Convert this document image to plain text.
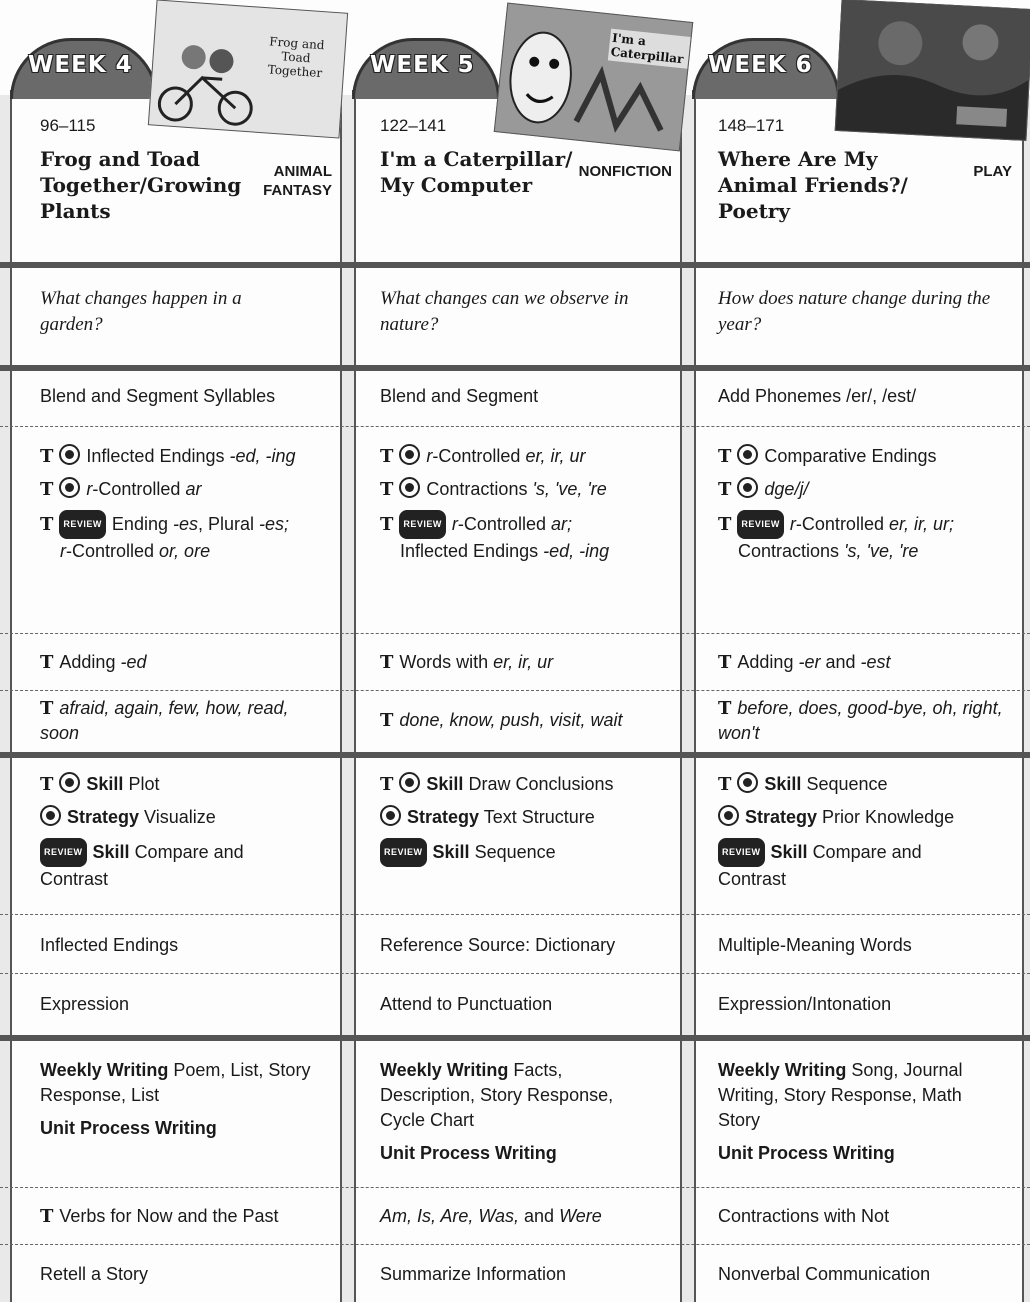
WEEK 4	WEEK 5	WEEK 6
Frog and Toad Together
I'm a Caterpillar
96–115
Frog and Toad Together/Growing Plants
ANIMAL
FANTASY
What changes happen in a garden?
Blend and Segment Syllables
T Inflected Endings -ed, -ing
T r-Controlled ar
T REVIEW Ending -es, Plural -es;
r-Controlled or, ore
T Adding -ed
T afraid, again, few, how, read, soon
T Skill Plot
Strategy Visualize
REVIEW Skill Compare and Contrast
Inflected Endings
Expression
Weekly Writing Poem, List, Story Response, List
Unit Process Writing
T Verbs for Now and the Past
Retell a Story
122–141
I'm a Caterpillar/ My Computer
NONFICTION
What changes can we observe in nature?
Blend and Segment
T r-Controlled er, ir, ur
T Contractions 's, 've, 're
T REVIEW r-Controlled ar;
Inflected Endings -ed, -ing
T Words with er, ir, ur
T done, know, push, visit, wait
T Skill Draw Conclusions
Strategy Text Structure
REVIEW Skill Sequence
Reference Source: Dictionary
Attend to Punctuation
Weekly Writing Facts, Description, Story Response, Cycle Chart
Unit Process Writing
Am, Is, Are, Was, and Were
Summarize Information
148–171
Where Are My Animal Friends?/ Poetry
PLAY
How does nature change during the year?
Add Phonemes /er/, /est/
T Comparative Endings
T dge/j/
T REVIEW r-Controlled er, ir, ur;
Contractions 's, 've, 're
T Adding -er and -est
T before, does, good-bye, oh, right, won't
T Skill Sequence
Strategy Prior Knowledge
REVIEW Skill Compare and Contrast
Multiple-Meaning Words
Expression/Intonation
Weekly Writing Song, Journal Writing, Story Response, Math Story
Unit Process Writing
Contractions with Not
Nonverbal Communication
